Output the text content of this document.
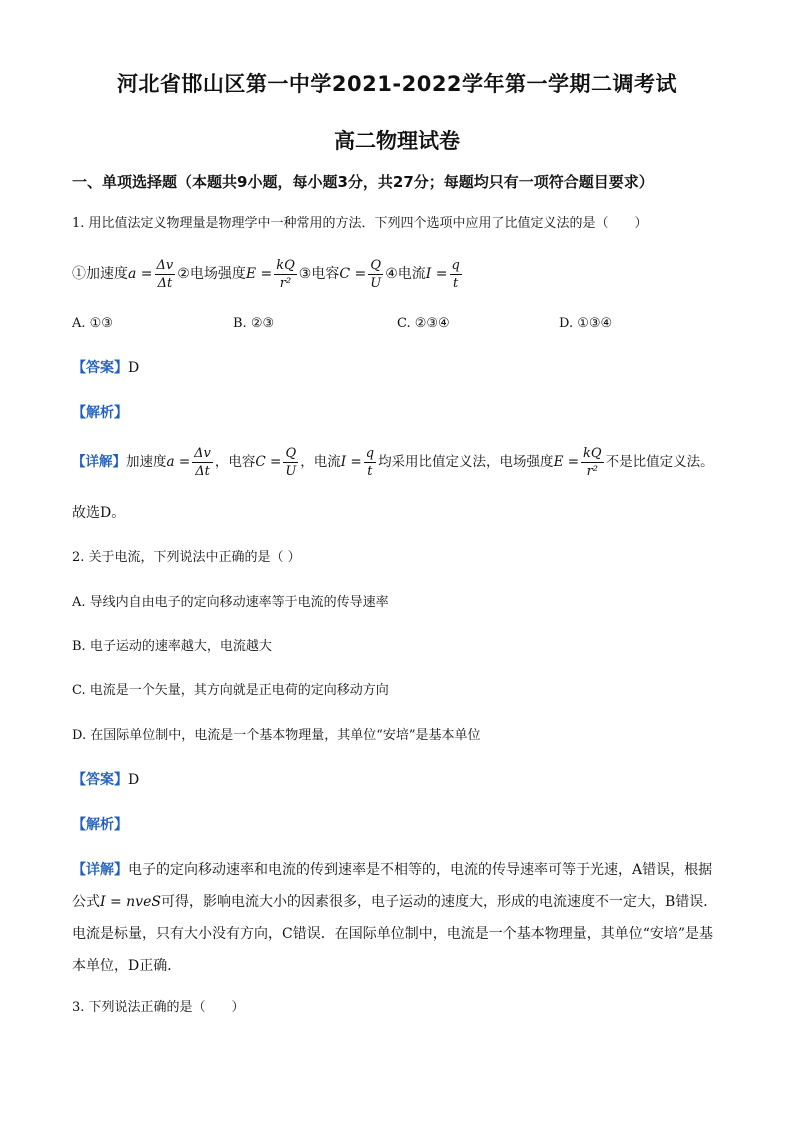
河北省邯山区第一中学2021-2022学年第一学期二调考试
高二物理试卷
一、单项选择题（本题共9小题，每小题3分，共27分；每题均只有一项符合题目要求）
1. 用比值法定义物理量是物理学中一种常用的方法．下列四个选项中应用了比值定义法的是（　　）
①加速度$a = \frac{\Delta v}{\Delta t}$ ②电场强度$E = \frac{kQ}{\text{r²}}$ ③电容$C = \frac{Q}{U}$ ④电流$I = \frac{q}{t}$
A. ①③	B. ②③	C. ②③④	D. ①③④
【答案】D
【解析】
【详解】加速度$a = \frac{\Delta v}{\Delta t}$ ，电容$C = \frac{Q}{U}$ ，电流$I = \frac{q}{t}$ 均采用比值定义法，电场强度$E = \frac{kQ}{\text{r²}}$ 不是比值定义法。
故选D。
2. 关于电流，下列说法中正确的是（ ）
A. 导线内自由电子的定向移动速率等于电流的传导速率
B. 电子运动的速率越大，电流越大
C. 电流是一个矢量，其方向就是正电荷的定向移动方向
D. 在国际单位制中，电流是一个基本物理量，其单位“安培”是基本单位
【答案】D
【解析】
【详解】电子的定向移动速率和电流的传到速率是不相等的，电流的传导速率可等于光速，A错误，根据公式I = nveS可得，影响电流大小的因素很多，电子运动的速度大，形成的电流速度不一定大，B错误．电流是标量，只有大小没有方向，C错误．在国际单位制中，电流是一个基本物理量，其单位“安培”是基本单位，D正确．
3. 下列说法正确的是（　　）
